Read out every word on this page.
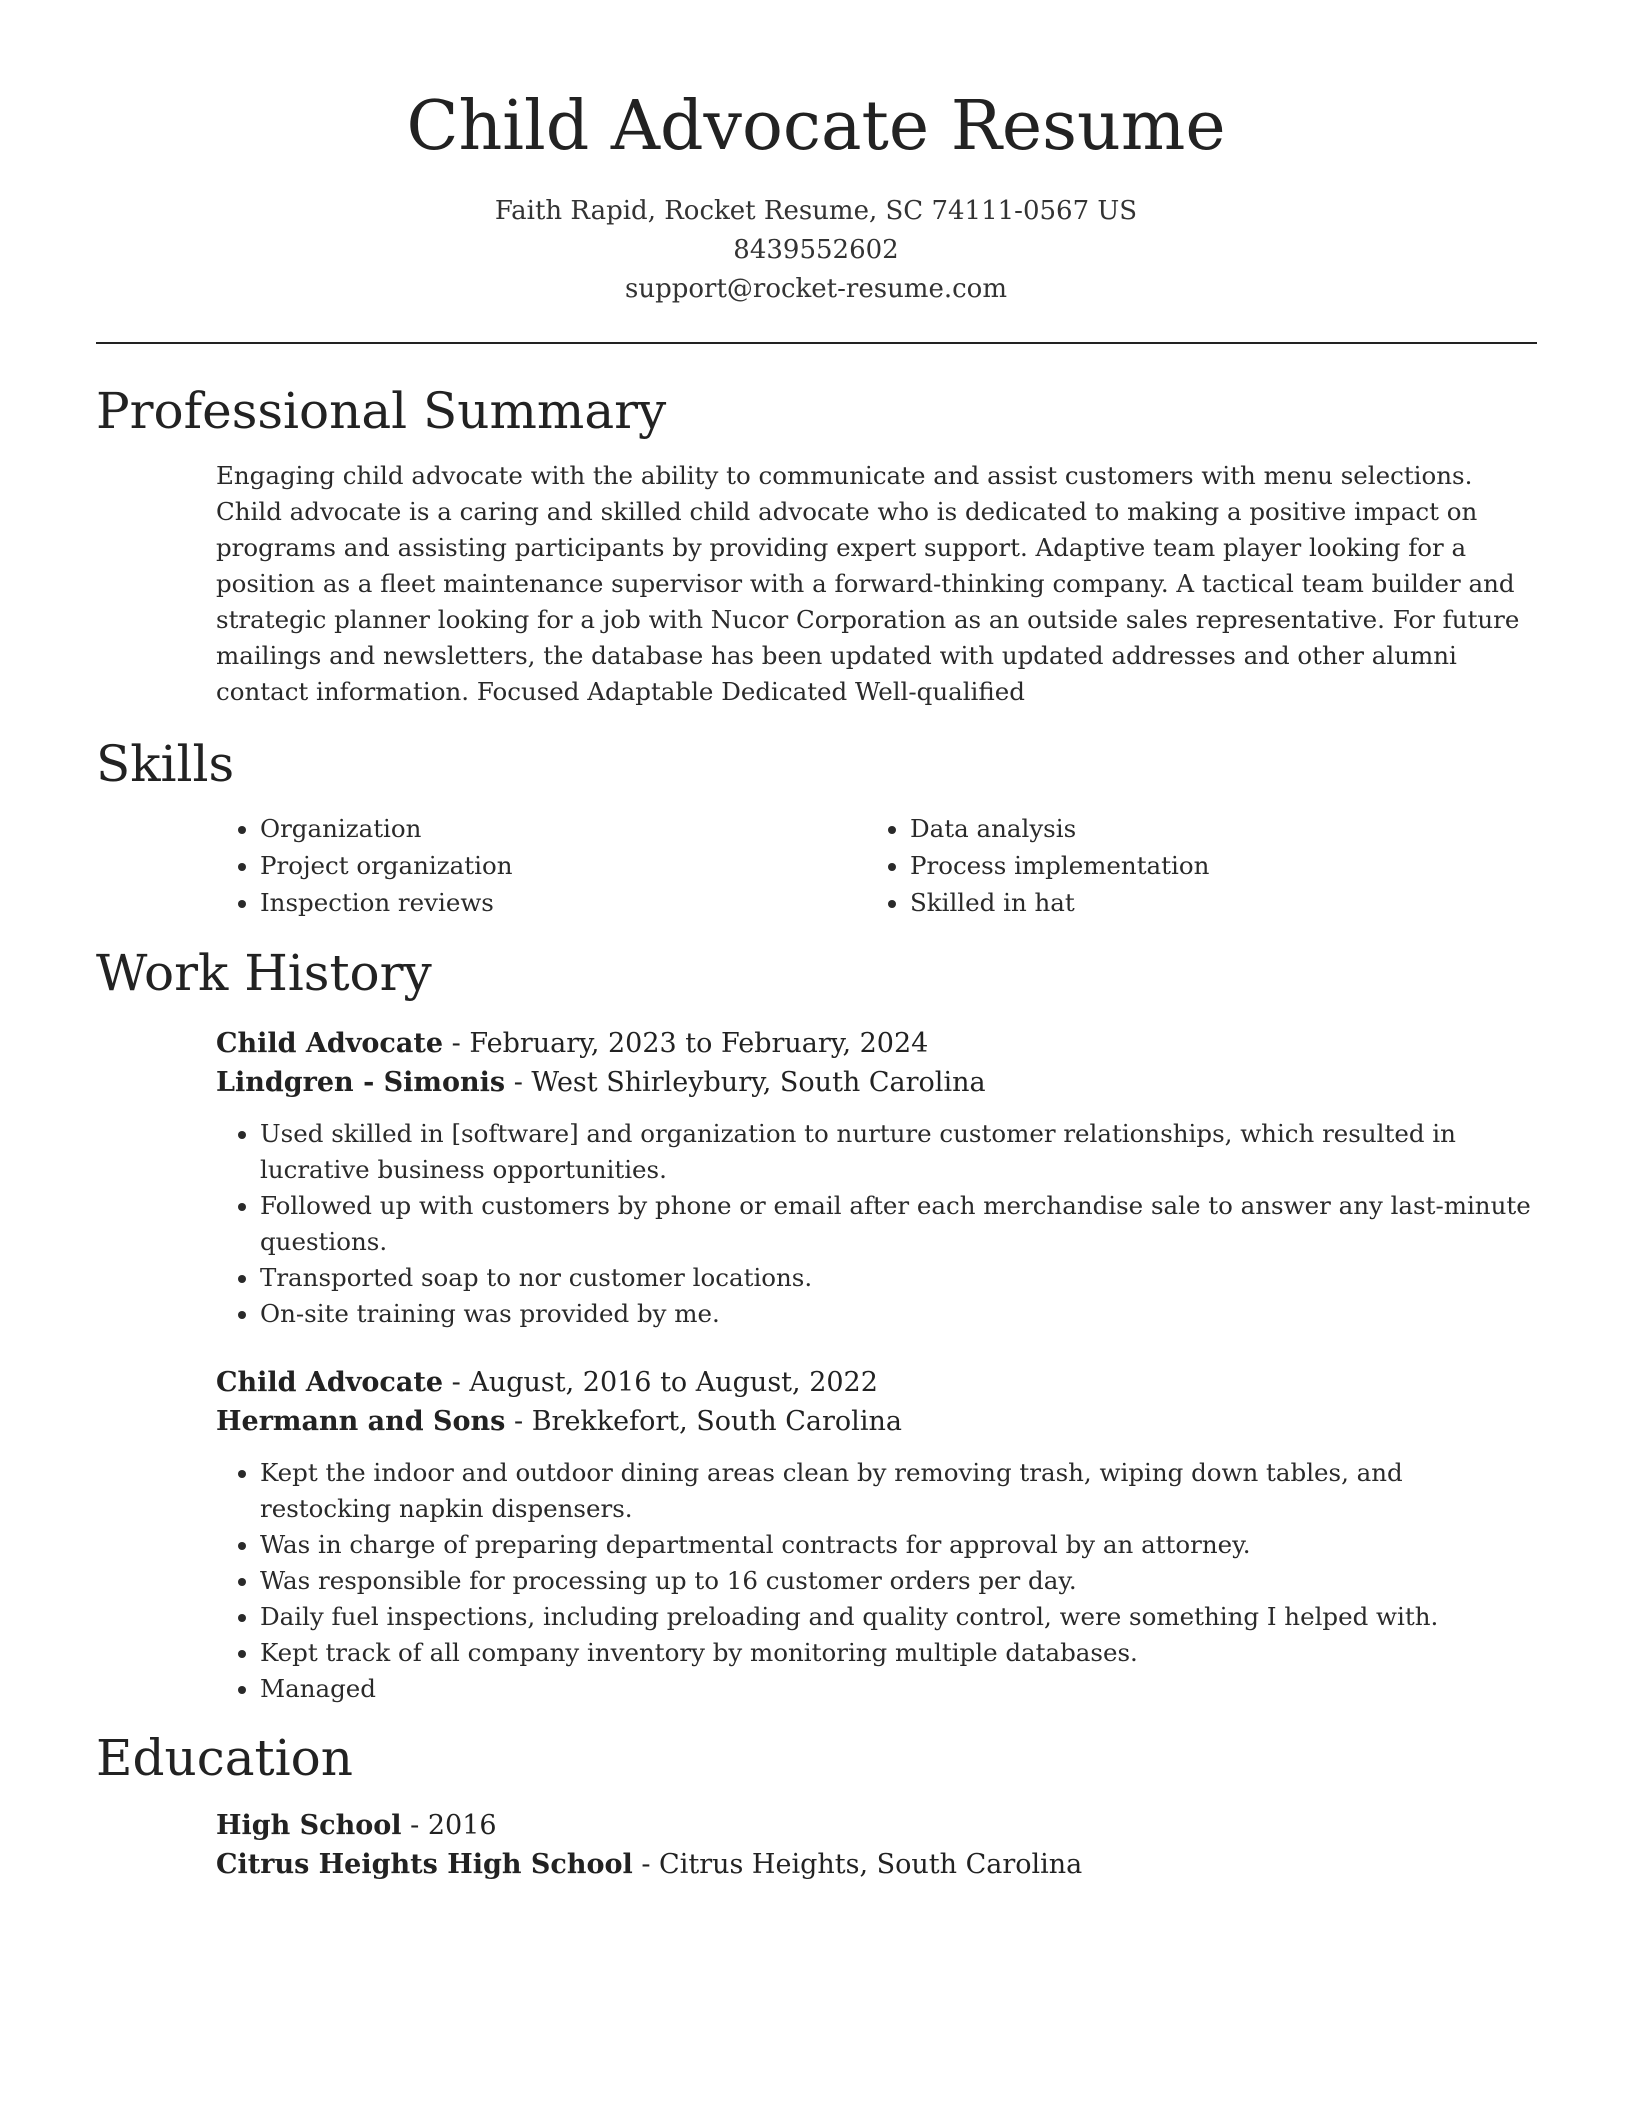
Child Advocate Resume
Faith Rapid, Rocket Resume, SC 74111-0567 US
8439552602
support@rocket-resume.com
Professional Summary

Engaging child advocate with the ability to communicate and assist customers with menu selections. Child advocate is a caring and skilled child advocate who is dedicated to making a positive impact on programs and assisting participants by providing expert support. Adaptive team player looking for a position as a fleet maintenance supervisor with a forward-thinking company. A tactical team builder and strategic planner looking for a job with Nucor Corporation as an outside sales representative. For future mailings and newsletters, the database has been updated with updated addresses and other alumni contact information. Focused Adaptable Dedicated Well-qualified

Skills
• Organization
• Project organization
• Inspection reviews
• Data analysis
• Process implementation
• Skilled in hat
Work History
Child Advocate - February, 2023 to February, 2024
Lindgren - Simonis - West Shirleybury, South Carolina
• Used skilled in [software] and organization to nurture customer relationships, which resulted in lucrative business opportunities.
• Followed up with customers by phone or email after each merchandise sale to answer any last-minute questions.
• Transported soap to nor customer locations.
• On-site training was provided by me.
Child Advocate - August, 2016 to August, 2022
Hermann and Sons - Brekkefort, South Carolina
• Kept the indoor and outdoor dining areas clean by removing trash, wiping down tables, and restocking napkin dispensers.
• Was in charge of preparing departmental contracts for approval by an attorney.
• Was responsible for processing up to 16 customer orders per day.
• Daily fuel inspections, including preloading and quality control, were something I helped with.
• Kept track of all company inventory by monitoring multiple databases.
• Managed
Education
High School - 2016
Citrus Heights High School - Citrus Heights, South Carolina
